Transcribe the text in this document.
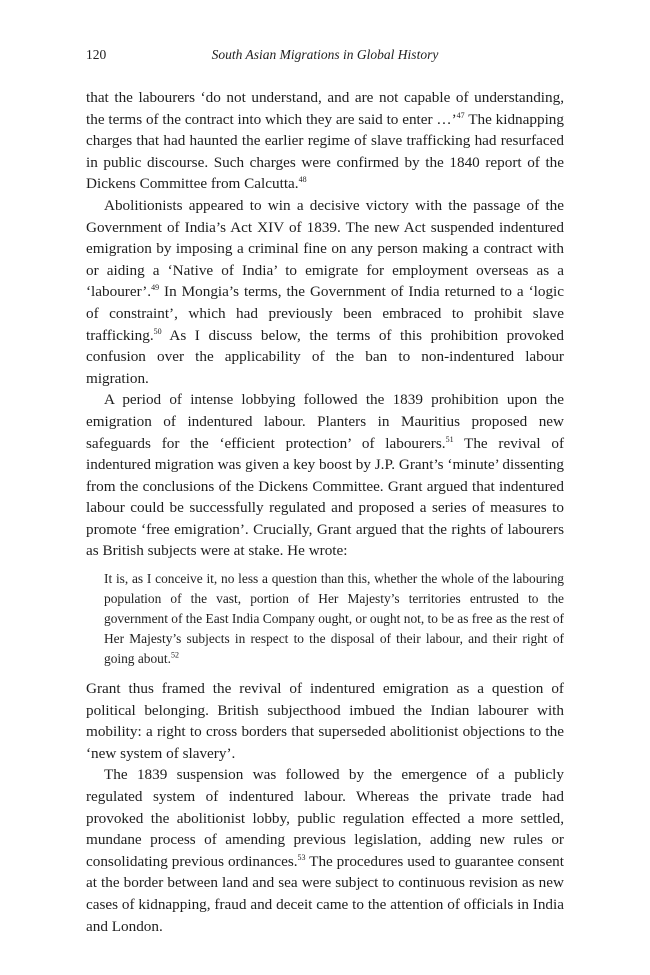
120	South Asian Migrations in Global History

that the labourers ‘do not understand, and are not capable of understanding, the terms of the contract into which they are said to enter …’$^{47}$ The kidnapping charges that had haunted the earlier regime of slave trafficking had resurfaced in public discourse. Such charges were confirmed by the 1840 report of the Dickens Committee from Calcutta.$^{48}$

Abolitionists appeared to win a decisive victory with the passage of the Government of India’s Act XIV of 1839. The new Act suspended indentured emigration by imposing a criminal fine on any person making a contract with or aiding a ‘Native of India’ to emigrate for employment overseas as a ‘labourer’.$^{49}$ In Mongia’s terms, the Government of India returned to a ‘logic of constraint’, which had previously been embraced to prohibit slave trafficking.$^{50}$ As I discuss below, the terms of this prohibition provoked confusion over the applicability of the ban to non-indentured labour migration.

A period of intense lobbying followed the 1839 prohibition upon the emigration of indentured labour. Planters in Mauritius proposed new safeguards for the ‘efficient protection’ of labourers.$^{51}$ The revival of indentured migration was given a key boost by J.P. Grant’s ‘minute’ dissenting from the conclusions of the Dickens Committee. Grant argued that indentured labour could be successfully regulated and proposed a series of measures to promote ‘free emigration’. Crucially, Grant argued that the rights of labourers as British subjects were at stake. He wrote:

It is, as I conceive it, no less a question than this, whether the whole of the labouring population of the vast, portion of Her Majesty’s territories entrusted to the government of the East India Company ought, or ought not, to be as free as the rest of Her Majesty’s subjects in respect to the disposal of their labour, and their right of going about.$^{52}$

Grant thus framed the revival of indentured emigration as a question of political belonging. British subjecthood imbued the Indian labourer with mobility: a right to cross borders that superseded abolitionist objections to the ‘new system of slavery’.

The 1839 suspension was followed by the emergence of a publicly regulated system of indentured labour. Whereas the private trade had provoked the abolitionist lobby, public regulation effected a more settled, mundane process of amending previous legislation, adding new rules or consolidating previous ordinances.$^{53}$ The procedures used to guarantee consent at the border between land and sea were subject to continuous revision as new cases of kidnapping, fraud and deceit came to the attention of officials in India and London.
